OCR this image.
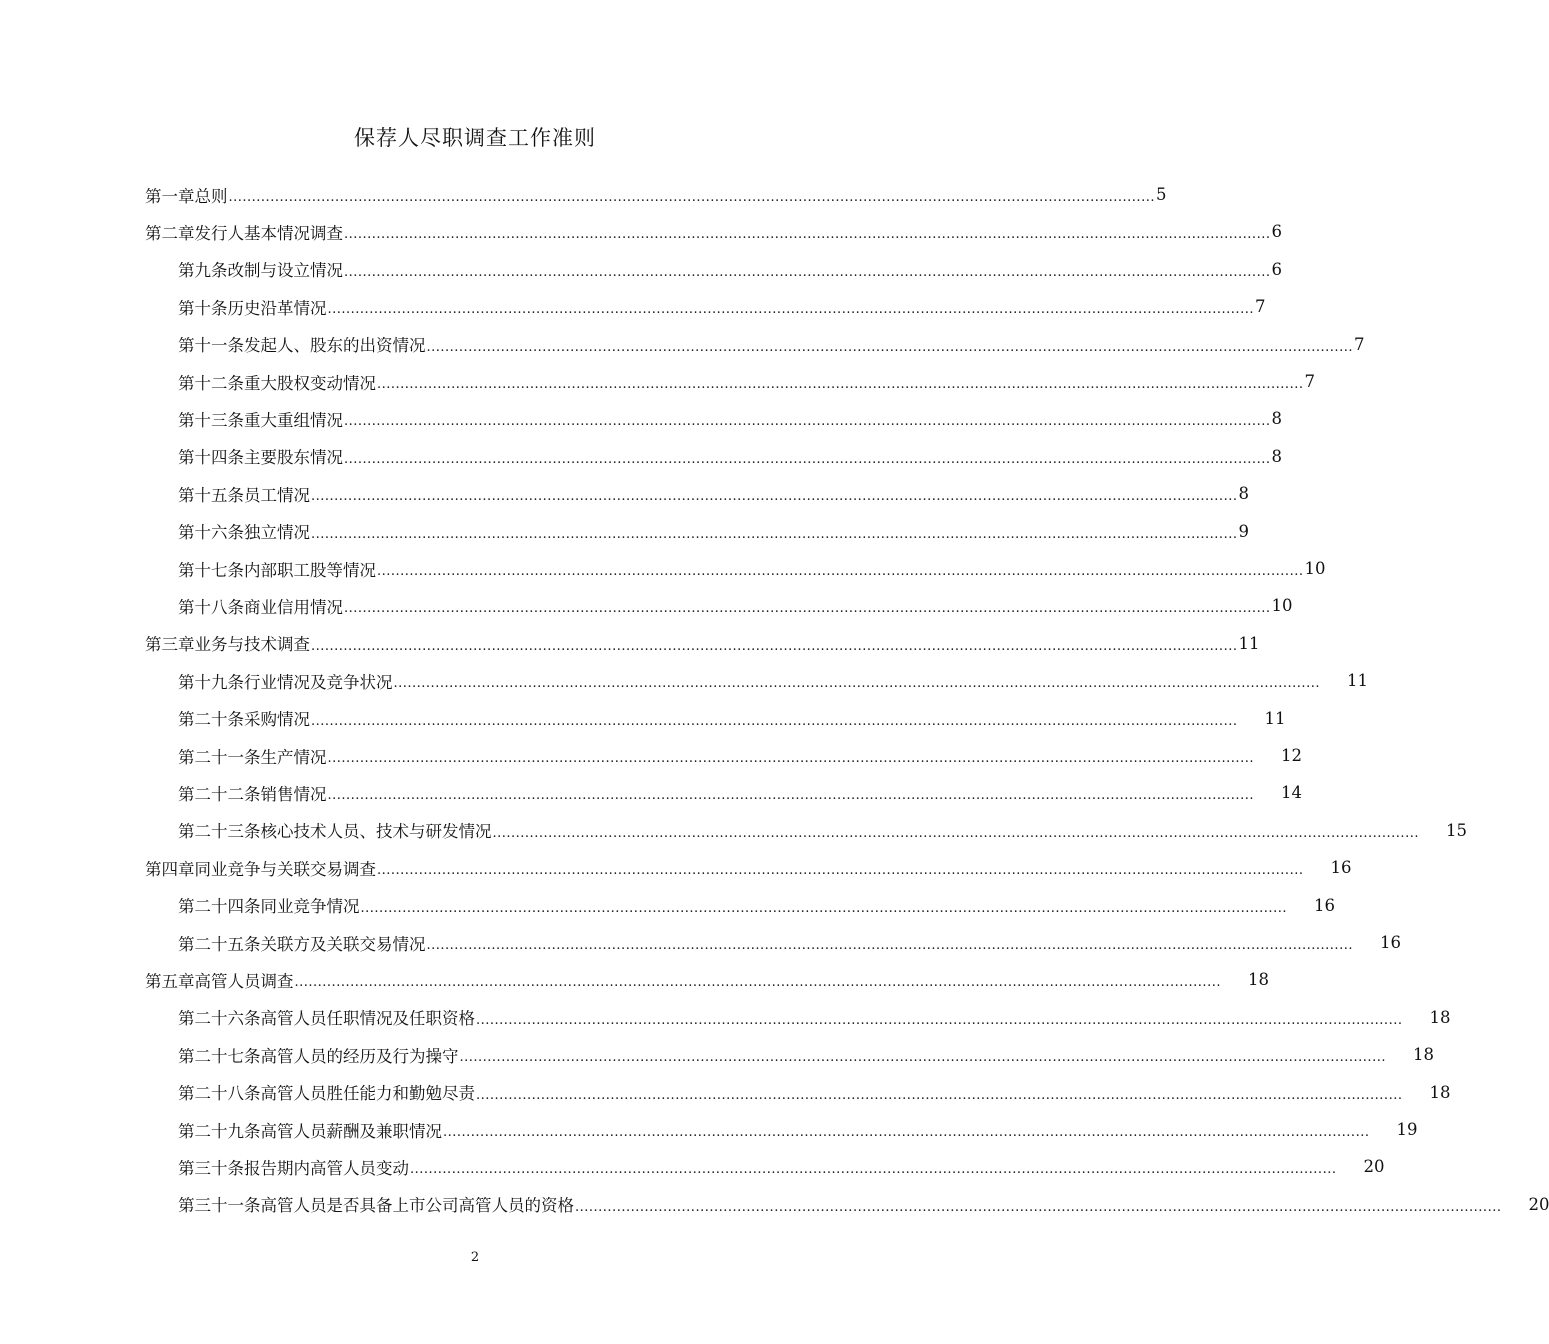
保荐人尽职调查工作准则
第一章 总则 ........................................................................................................................................................................................................ 5
第二章 发行人基本情况调查 ........................................................................................................................................................................................................ 6
第九条 改制与设立情况 ........................................................................................................................................................................................................ 6
第十条 历史沿革情况 ........................................................................................................................................................................................................ 7
第十一条 发起人、股东的出资情况 ........................................................................................................................................................................................................ 7
第十二条 重大股权变动情况 ........................................................................................................................................................................................................ 7
第十三条 重大重组情况 ........................................................................................................................................................................................................ 8
第十四条 主要股东情况 ........................................................................................................................................................................................................ 8
第十五条 员工情况 ........................................................................................................................................................................................................ 8
第十六条 独立情况 ........................................................................................................................................................................................................ 9
第十七条 内部职工股等情况 ........................................................................................................................................................................................................ 10
第十八条 商业信用情况 ........................................................................................................................................................................................................ 10
第三章 业务与技术调查 ........................................................................................................................................................................................................ 11
第十九条 行业情况及竞争状况 ........................................................................................................................................................................................................	11
第二十条 采购情况 ........................................................................................................................................................................................................	11
第二十一条 生产情况 ........................................................................................................................................................................................................	12
第二十二条 销售情况 ........................................................................................................................................................................................................	14
第二十三条 核心技术人员、技术与研发情况 ........................................................................................................................................................................................................	15
第四章 同业竞争与关联交易调查 ........................................................................................................................................................................................................	16
第二十四条 同业竞争情况 ........................................................................................................................................................................................................	16
第二十五条 关联方及关联交易情况 ........................................................................................................................................................................................................	16
第五章 高管人员调查 ........................................................................................................................................................................................................	18
第二十六条 高管人员任职情况及任职资格 ........................................................................................................................................................................................................	18
第二十七条 高管人员的经历及行为操守 ........................................................................................................................................................................................................	18
第二十八条 高管人员胜任能力和勤勉尽责 ........................................................................................................................................................................................................	18
第二十九条 高管人员薪酬及兼职情况 ........................................................................................................................................................................................................	19
第三十条 报告期内高管人员变动 ........................................................................................................................................................................................................	20
第三十一条 高管人员是否具备上市公司高管人员的资格 ........................................................................................................................................................................................................	20
2
